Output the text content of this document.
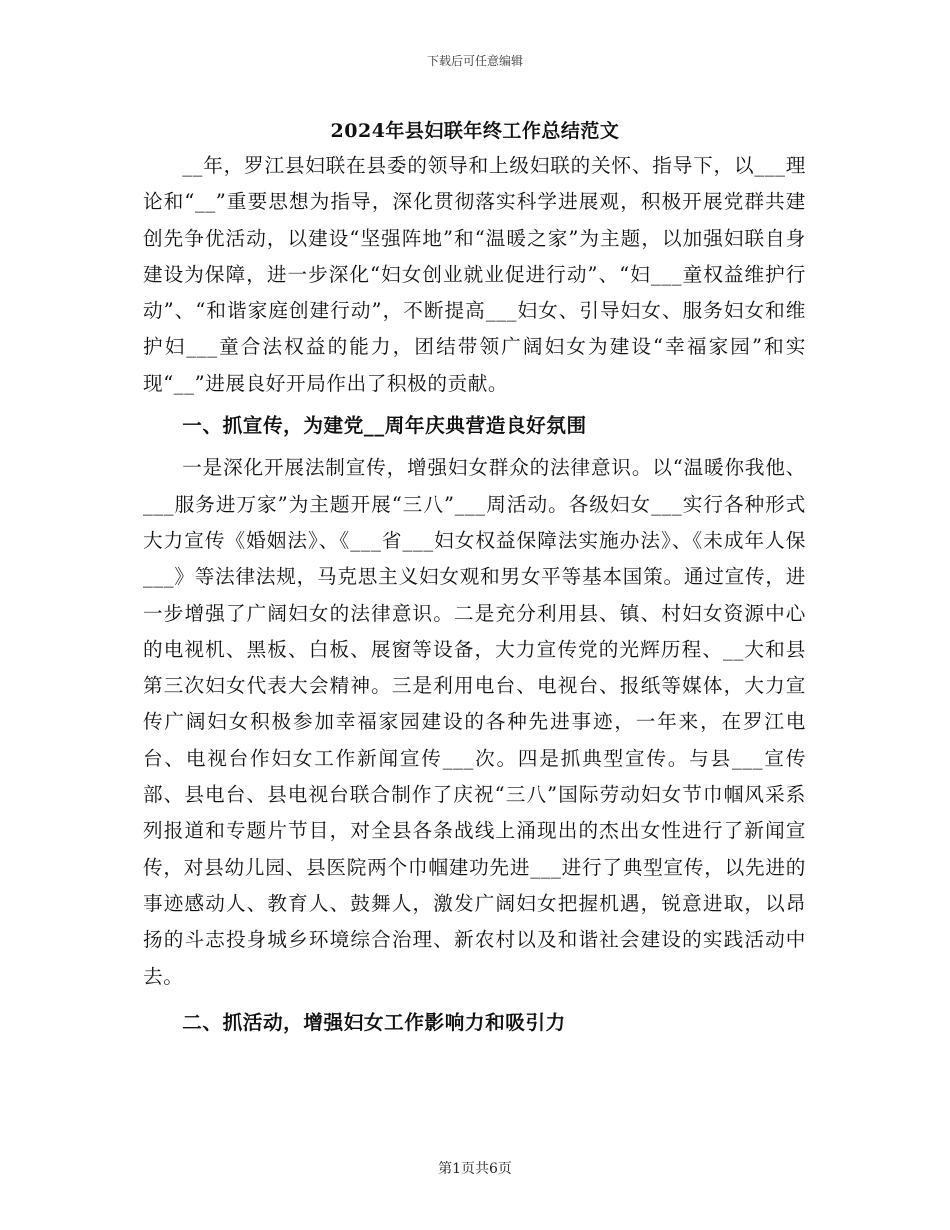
下载后可任意编辑
2024年县妇联年终工作总结范文

__年，罗江县妇联在县委的领导和上级妇联的关怀、指导下，以___理论和“__”重要思想为指导，深化贯彻落实科学进展观，积极开展党群共建创先争优活动，以建设“坚强阵地”和“温暖之家”为主题，以加强妇联自身建设为保障，进一步深化“妇女创业就业促进行动”、“妇___童权益维护行动”、“和谐家庭创建行动”，不断提高___妇女、引导妇女、服务妇女和维护妇___童合法权益的能力，团结带领广阔妇女为建设“幸福家园”和实现“__”进展良好开局作出了积极的贡献。

一、抓宣传，为建党__周年庆典营造良好氛围

一是深化开展法制宣传，增强妇女群众的法律意识。以“温暖你我他、___服务进万家”为主题开展“三八”___周活动。各级妇女___实行各种形式大力宣传《婚姻法》、《___省___妇女权益保障法实施办法》、《未成年人保___》等法律法规，马克思主义妇女观和男女平等基本国策。通过宣传，进一步增强了广阔妇女的法律意识。二是充分利用县、镇、村妇女资源中心的电视机、黑板、白板、展窗等设备，大力宣传党的光辉历程、__大和县第三次妇女代表大会精神。三是利用电台、电视台、报纸等媒体，大力宣传广阔妇女积极参加幸福家园建设的各种先进事迹，一年来，在罗江电台、电视台作妇女工作新闻宣传___次。四是抓典型宣传。与县___宣传部、县电台、县电视台联合制作了庆祝“三八”国际劳动妇女节巾帼风采系列报道和专题片节目，对全县各条战线上涌现出的杰出女性进行了新闻宣传，对县幼儿园、县医院两个巾帼建功先进___进行了典型宣传，以先进的事迹感动人、教育人、鼓舞人，激发广阔妇女把握机遇，锐意进取，以昂扬的斗志投身城乡环境综合治理、新农村以及和谐社会建设的实践活动中去。

二、抓活动，增强妇女工作影响力和吸引力
第1页共6页
